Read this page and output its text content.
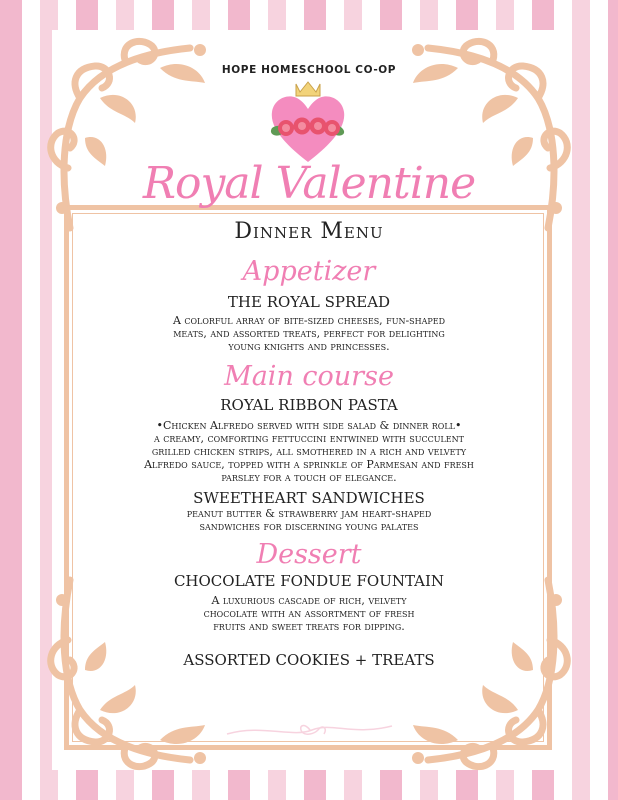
HOPE HOMESCHOOL CO-OP
Royal Valentine
Dinner Menu
Appetizer
THE ROYAL SPREAD
A colorful array of bite-sized cheeses, fun-shaped meats, and assorted treats, perfect for delighting young knights and princesses.
Main course
ROYAL RIBBON PASTA
•Chicken Alfredo served with side salad & dinner roll•
a creamy, comforting fettuccini entwined with succulent grilled chicken strips, all smothered in a rich and velvety Alfredo sauce, topped with a sprinkle of Parmesan and fresh parsley for a touch of elegance.
SWEETHEART SANDWICHES
peanut butter & strawberry jam heart-shaped sandwiches for discerning young palates
Dessert
CHOCOLATE FONDUE FOUNTAIN
A luxurious cascade of rich, velvety chocolate with an assortment of fresh fruits and sweet treats for dipping.
ASSORTED COOKIES + TREATS
